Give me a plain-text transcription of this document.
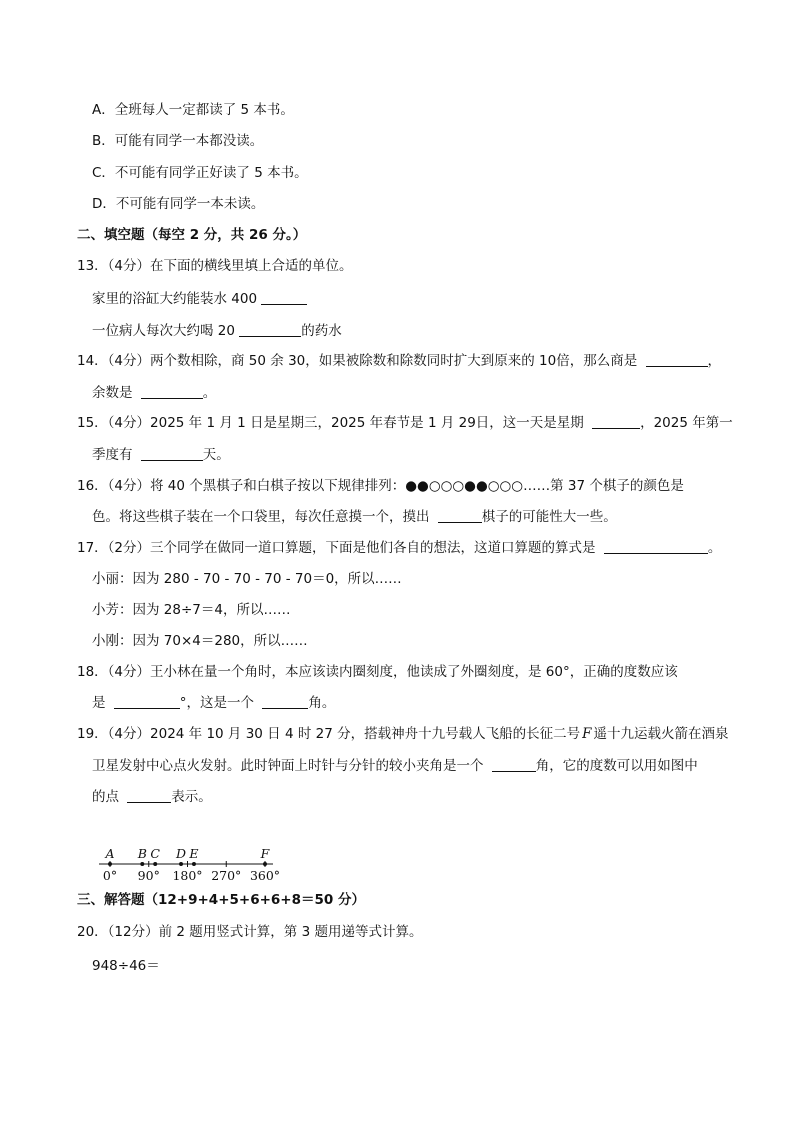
A．全班每人一定都读了 5 本书。
B．可能有同学一本都没读。
C．不可能有同学正好读了 5 本书。
D．不可能有同学一本未读。
二、填空题（每空 2 分，共 26 分。）
13．（4分）在下面的横线里填上合适的单位。
家里的浴缸大约能装水 400
一位病人每次大约喝 20	的药水
14．（4分）两个数相除，商 50 余 30，如果被除数和除数同时扩大到原来的 10倍，那么商是	，
余数是	。
15．（4分）2025 年 1 月 1 日是星期三，2025 年春节是 1 月 29日，这一天是星期	，2025 年第一
季度有	天。
16．（4分）将 40 个黑棋子和白棋子按以下规律排列：●●○○○●●○○○……第 37 个棋子的颜色是
色。将这些棋子装在一个口袋里，每次任意摸一个，摸出	棋子的可能性大一些。
17．（2分）三个同学在做同一道口算题，下面是他们各自的想法，这道口算题的算式是	。
小丽：因为 280 - 70 - 70 - 70 - 70＝0，所以……
小芳：因为 28÷7＝4，所以……
小刚：因为 70×4＝280，所以……
18．（4分）王小林在量一个角时，本应该读内圈刻度，他读成了外圈刻度，是 60°，正确的度数应该
是	°，这是一个	角。
19．（4分）2024 年 10 月 30 日 4 时 27 分，搭载神舟十九号载人飞船的长征二号 F 遥十九运载火箭在酒泉
卫星发射中心点火发射。此时钟面上时针与分针的较小夹角是一个	角，它的度数可以用如图中
的点	表示。
0° 90° 180° 270° 360°
A B C D E	F
三、解答题（12+9+4+5+6+6+8＝50 分）
20．（12分）前 2 题用竖式计算，第 3 题用递等式计算。
948÷46＝
